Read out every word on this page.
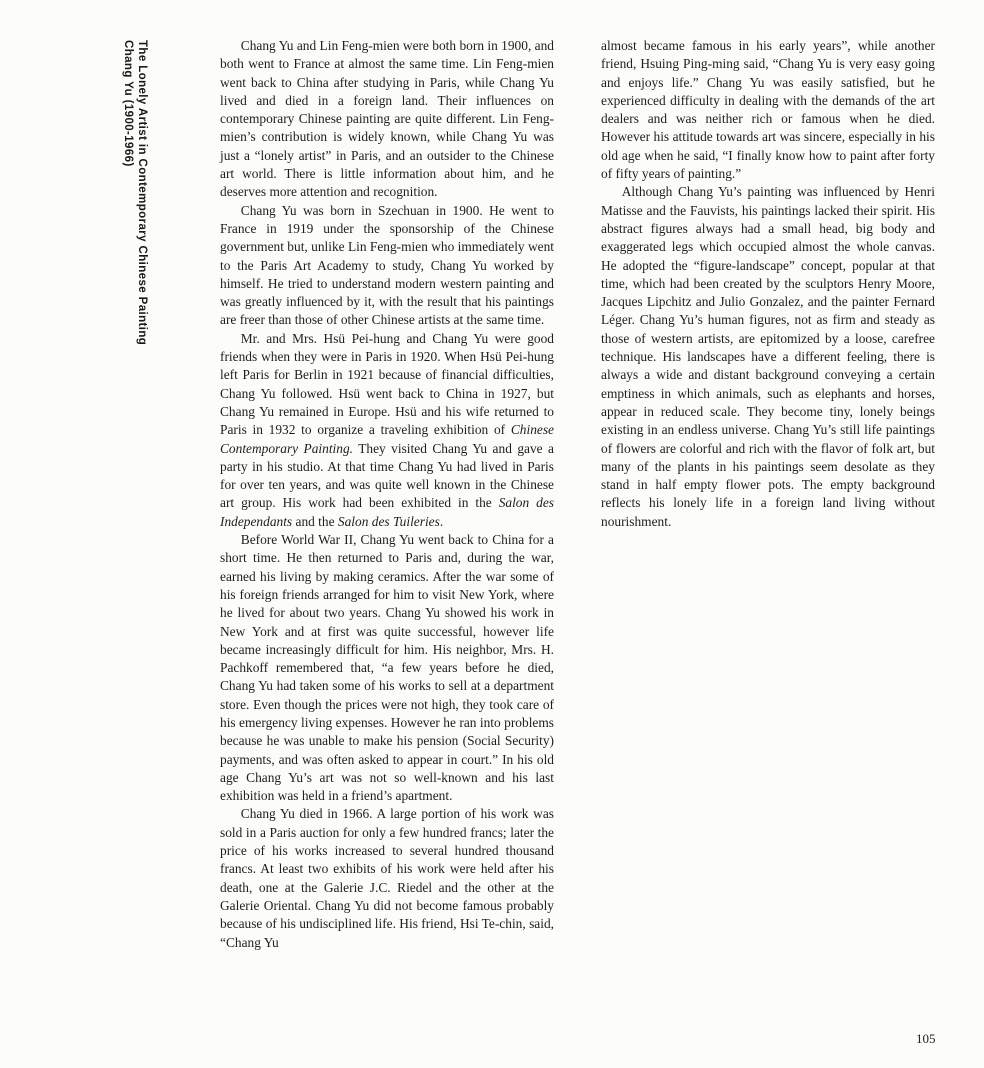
Chang Yu (1900-1966) The Lonely Artist in Contemporary Chinese Painting	Chang Yu and Lin Feng-mien were both born in 1900, and both went to France at almost the same time. Lin Feng-mien went back to China after studying in Paris, while Chang Yu lived and died in a foreign land. Their influences on contemporary Chinese painting are quite different. Lin Feng-mien’s contribution is widely known, while Chang Yu was just a “lonely artist” in Paris, and an outsider to the Chinese art world. There is little information about him, and he deserves more attention and recognition.

Chang Yu was born in Szechuan in 1900. He went to France in 1919 under the sponsorship of the Chinese government but, unlike Lin Feng-mien who immediately went to the Paris Art Academy to study, Chang Yu worked by himself. He tried to understand modern western painting and was greatly influenced by it, with the result that his paintings are freer than those of other Chinese artists at the same time.

Mr. and Mrs. Hsü Pei-hung and Chang Yu were good friends when they were in Paris in 1920. When Hsü Pei-hung left Paris for Berlin in 1921 because of financial difficulties, Chang Yu followed. Hsü went back to China in 1927, but Chang Yu remained in Europe. Hsü and his wife returned to Paris in 1932 to organize a traveling exhibition of Chinese Contemporary Painting. They visited Chang Yu and gave a party in his studio. At that time Chang Yu had lived in Paris for over ten years, and was quite well known in the Chinese art group. His work had been exhibited in the Salon des Independants and the Salon des Tuileries.

Before World War II, Chang Yu went back to China for a short time. He then returned to Paris and, during the war, earned his living by making ceramics. After the war some of his foreign friends arranged for him to visit New York, where he lived for about two years. Chang Yu showed his work in New York and at first was quite successful, however life became increasingly difficult for him. His neighbor, Mrs. H. Pachkoff remembered that, “a few years before he died, Chang Yu had taken some of his works to sell at a department store. Even though the prices were not high, they took care of his emergency living expenses. However he ran into problems because he was unable to make his pension (Social Security) payments, and was often asked to appear in court.” In his old age Chang Yu’s art was not so well-known and his last exhibition was held in a friend’s apartment.

Chang Yu died in 1966. A large portion of his work was sold in a Paris auction for only a few hundred francs; later the price of his works increased to several hundred thousand francs. At least two exhibits of his work were held after his death, one at the Galerie J.C. Riedel and the other at the Galerie Oriental. Chang Yu did not become famous probably because of his undisciplined life. His friend, Hsi Te-chin, said, “Chang Yu

almost became famous in his early years”, while another friend, Hsuing Ping-ming said, “Chang Yu is very easy going and enjoys life.” Chang Yu was easily satisfied, but he experienced difficulty in dealing with the demands of the art dealers and was neither rich or famous when he died. However his attitude towards art was sincere, especially in his old age when he said, “I finally know how to paint after forty of fifty years of painting.”

Although Chang Yu’s painting was influenced by Henri Matisse and the Fauvists, his paintings lacked their spirit. His abstract figures always had a small head, big body and exaggerated legs which occupied almost the whole canvas. He adopted the “figure-landscape” concept, popular at that time, which had been created by the sculptors Henry Moore, Jacques Lipchitz and Julio Gonzalez, and the painter Fernard Léger. Chang Yu’s human figures, not as firm and steady as those of western artists, are epitomized by a loose, carefree technique. His landscapes have a different feeling, there is always a wide and distant background conveying a certain emptiness in which animals, such as elephants and horses, appear in reduced scale. They become tiny, lonely beings existing in an endless universe. Chang Yu’s still life paintings of flowers are colorful and rich with the flavor of folk art, but many of the plants in his paintings seem desolate as they stand in half empty flower pots. The empty background reflects his lonely life in a foreign land living without nourishment.

105
